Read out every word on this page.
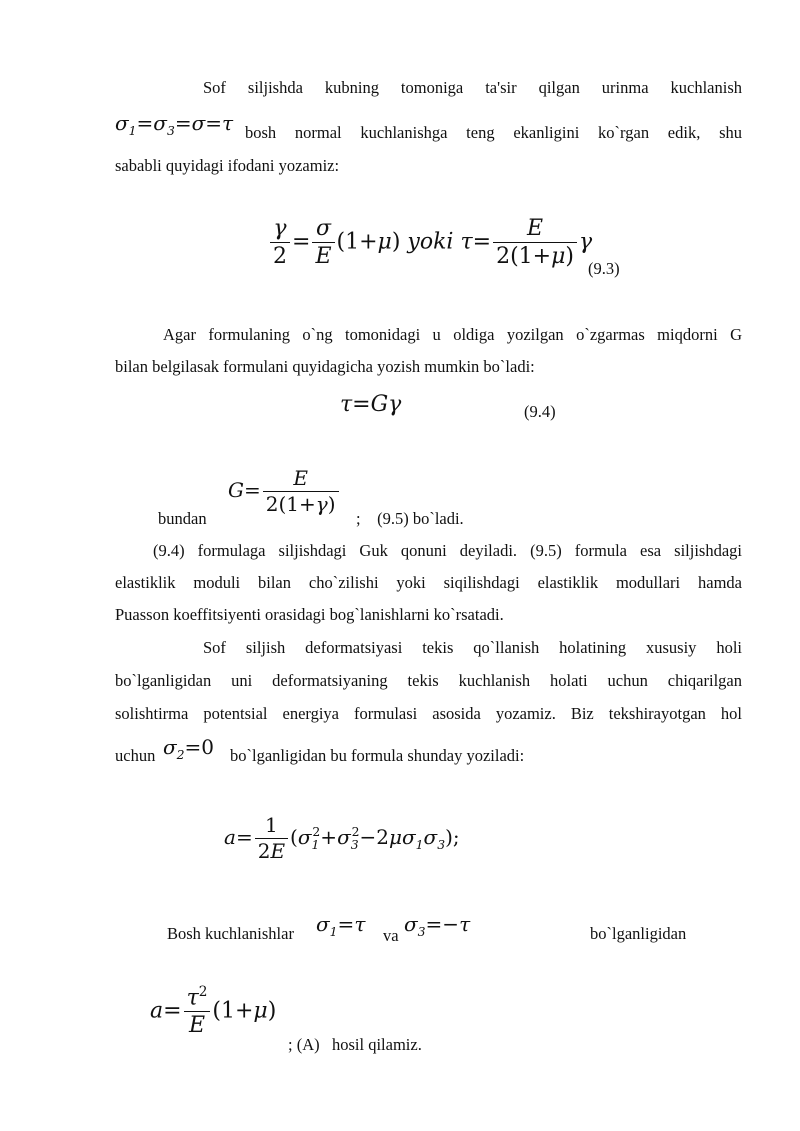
Sof siljishda kubning tomoniga ta'sir qilgan urinma kuchlanish
$\sigma_1=\sigma_3=\sigma=\tau$ bosh normal kuchlanishga teng ekanligini ko`rgan edik, shu
sababli quyidagi ifodani yozamiz:
$\frac{\gamma}{2} = \frac{\sigma}{E} (1+\mu)$ yoki $\tau= \frac{E}{2(1+\mu)}$ γ
(9.3)
Agar formulaning o`ng tomonidagi u oldiga yozilgan o`zgarmas miqdorni G
bilan belgilasak formulani quyidagicha yozish mumkin bo`ladi:
τ=Gγ	(9.4)
bundan
$G= \frac{E}{2(1+\gamma)}$
;    (9.5) bo`ladi.
(9.4) formulaga siljishdagi Guk qonuni deyiladi. (9.5) formula esa siljishdagi
elastiklik moduli bilan cho`zilishi yoki siqilishdagi elastiklik modullari hamda
Puasson koeffitsiyenti orasidagi bog`lanishlarni ko`rsatadi.
Sof siljish deformatsiyasi tekis qo`llanish holatining xususiy holi
bo`lganligidan uni deformatsiyaning tekis kuchlanish holati uchun chiqarilgan
solishtirma potentsial energiya formulasi asosida yozamiz. Biz tekshirayotgan hol
uchun $\sigma_2=0$ bo`lganligidan bu formula shunday yoziladi:
$a= \frac{1}{2E} (\sigma_1^2+\sigma_3^2-2\mu\sigma_1\sigma_3)$;
Bosh kuchlanishlar $\sigma_1=\tau$ va $\sigma_3=-\tau$	bo`lganligidan
$a= \frac{\tau^2}{E} (1+\mu)$
; (A)   hosil qilamiz.
